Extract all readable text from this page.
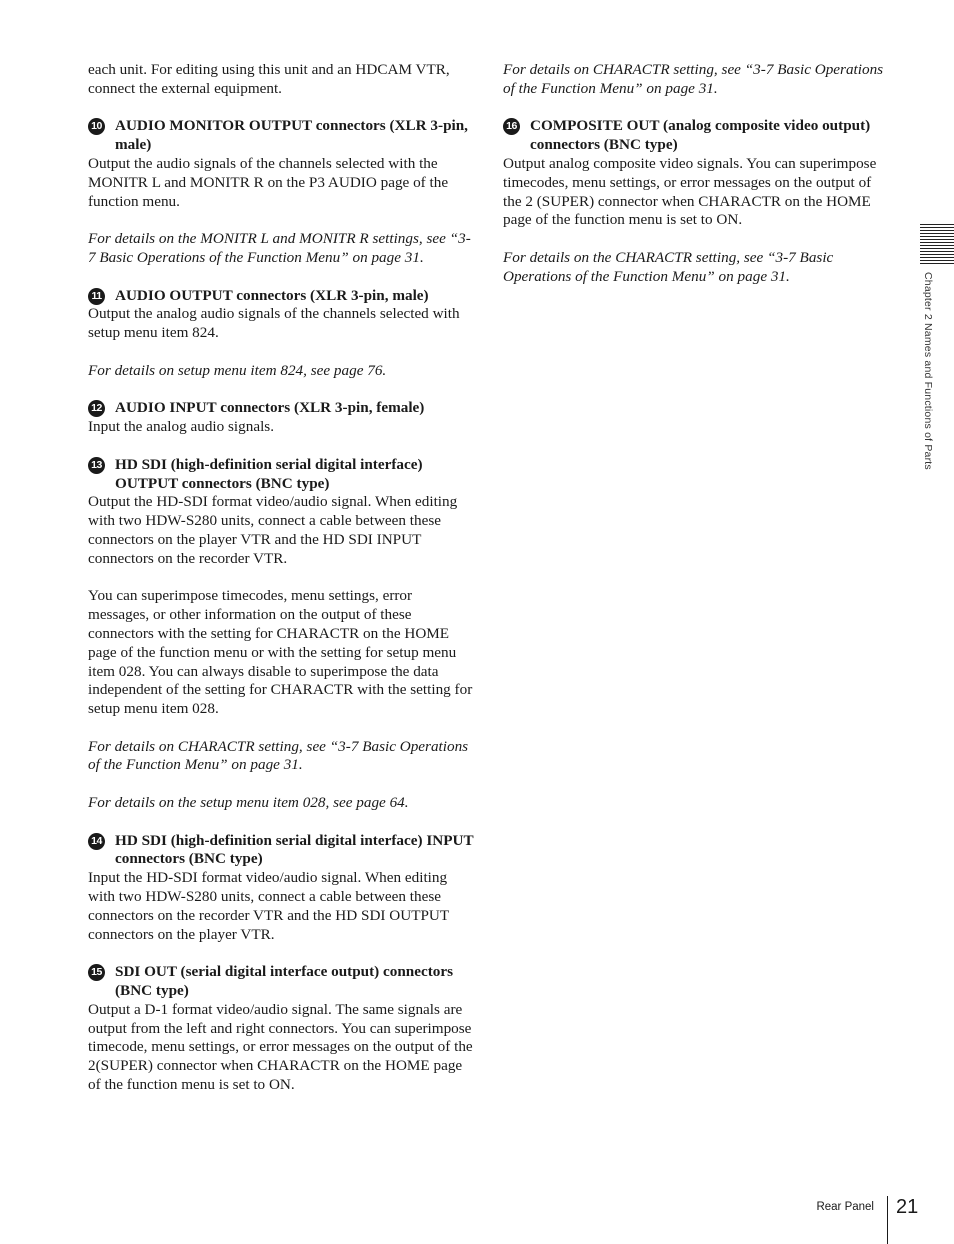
each unit. For editing using this unit and an HDCAM VTR, connect the external equipment.

10 AUDIO MONITOR OUTPUT connectors (XLR 3-pin, male)

Output the audio signals of the channels selected with the MONITR L and MONITR R on the P3 AUDIO page of the function menu.

For details on the MONITR L and MONITR R settings, see “3-7 Basic Operations of the Function Menu” on page 31.

11 AUDIO OUTPUT connectors (XLR 3-pin, male)

Output the analog audio signals of the channels selected with setup menu item 824.

For details on setup menu item 824, see page 76.

12 AUDIO INPUT connectors (XLR 3-pin, female)

Input the analog audio signals.

13 HD SDI (high-definition serial digital interface) OUTPUT connectors (BNC type)

Output the HD-SDI format video/audio signal. When editing with two HDW-S280 units, connect a cable between these connectors on the player VTR and the HD SDI INPUT connectors on the recorder VTR.

You can superimpose timecodes, menu settings, error messages, or other information on the output of these connectors with the setting for CHARACTR on the HOME page of the function menu or with the setting for setup menu item 028. You can always disable to superimpose the data independent of the setting for CHARACTR with the setting for setup menu item 028.

For details on CHARACTR setting, see “3-7 Basic Operations of the Function Menu” on page 31.

For details on the setup menu item 028, see page 64.

14 HD SDI (high-definition serial digital interface) INPUT connectors (BNC type)

Input the HD-SDI format video/audio signal. When editing with two HDW-S280 units, connect a cable between these connectors on the recorder VTR and the HD SDI OUTPUT connectors on the player VTR.

15 SDI OUT (serial digital interface output) connectors (BNC type)

Output a D-1 format video/audio signal. The same signals are output from the left and right connectors. You can superimpose timecode, menu settings, or error messages on the output of the 2(SUPER) connector when CHARACTR on the HOME page of the function menu is set to ON.

For details on CHARACTR setting, see “3-7 Basic Operations of the Function Menu” on page 31.

16 COMPOSITE OUT (analog composite video output) connectors (BNC type)

Output analog composite video signals. You can superimpose timecodes, menu settings, or error messages on the output of the 2 (SUPER) connector when CHARACTR on the HOME page of the function menu is set to ON.

For details on the CHARACTR setting, see “3-7 Basic Operations of the Function Menu” on page 31.	Chapter 2 Names and Functions of Parts
Rear Panel 21
